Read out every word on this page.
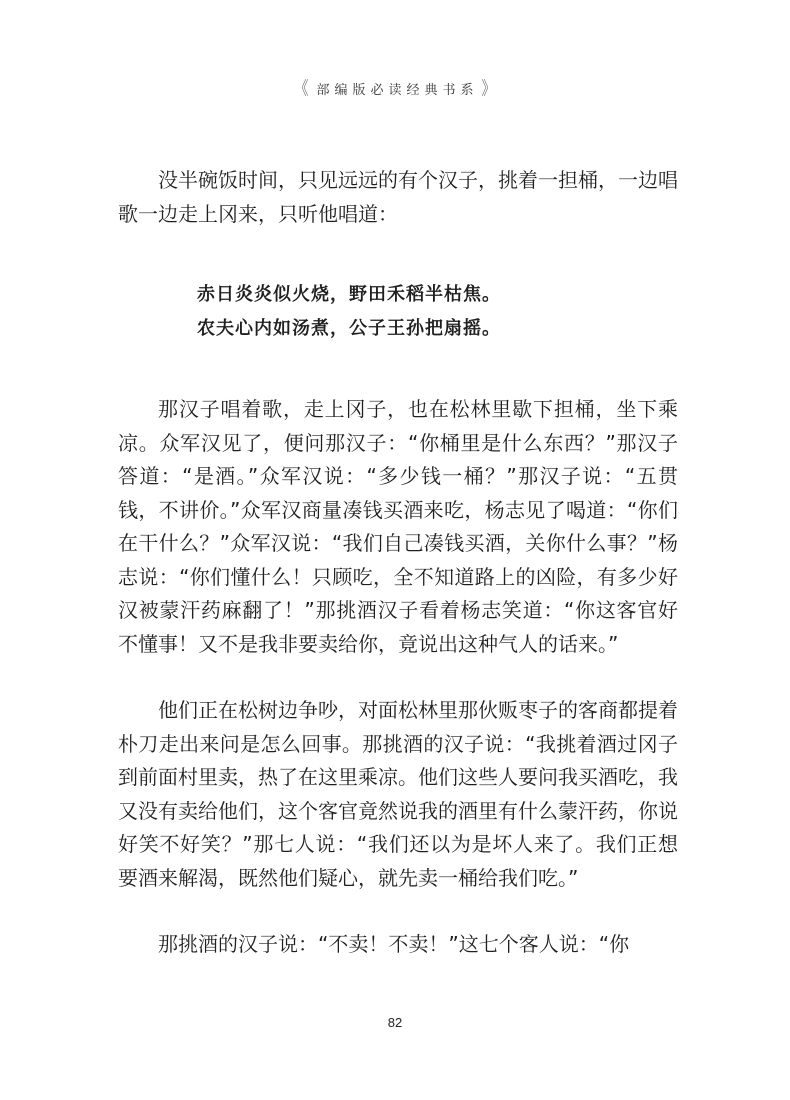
《 部编版必读经典书系 》

没半碗饭时间，只见远远的有个汉子，挑着一担桶，一边唱歌一边走上冈来，只听他唱道：

赤日炎炎似火烧，野田禾稻半枯焦。
农夫心内如汤煮，公子王孙把扇摇。

那汉子唱着歌，走上冈子，也在松林里歇下担桶，坐下乘凉。众军汉见了，便问那汉子：“你桶里是什么东西？”那汉子答道：“是酒。”众军汉说：“多少钱一桶？”那汉子说：“五贯钱，不讲价。”众军汉商量凑钱买酒来吃，杨志见了喝道：“你们在干什么？”众军汉说：“我们自己凑钱买酒，关你什么事？”杨志说：“你们懂什么！只顾吃，全不知道路上的凶险，有多少好汉被蒙汗药麻翻了！”那挑酒汉子看着杨志笑道：“你这客官好不懂事！又不是我非要卖给你，竟说出这种气人的话来。”

他们正在松树边争吵，对面松林里那伙贩枣子的客商都提着朴刀走出来问是怎么回事。那挑酒的汉子说：“我挑着酒过冈子到前面村里卖，热了在这里乘凉。他们这些人要问我买酒吃，我又没有卖给他们，这个客官竟然说我的酒里有什么蒙汗药，你说好笑不好笑？”那七人说：“我们还以为是坏人来了。我们正想要酒来解渴，既然他们疑心，就先卖一桶给我们吃。”

那挑酒的汉子说：“不卖！不卖！”这七个客人说：“你

82
